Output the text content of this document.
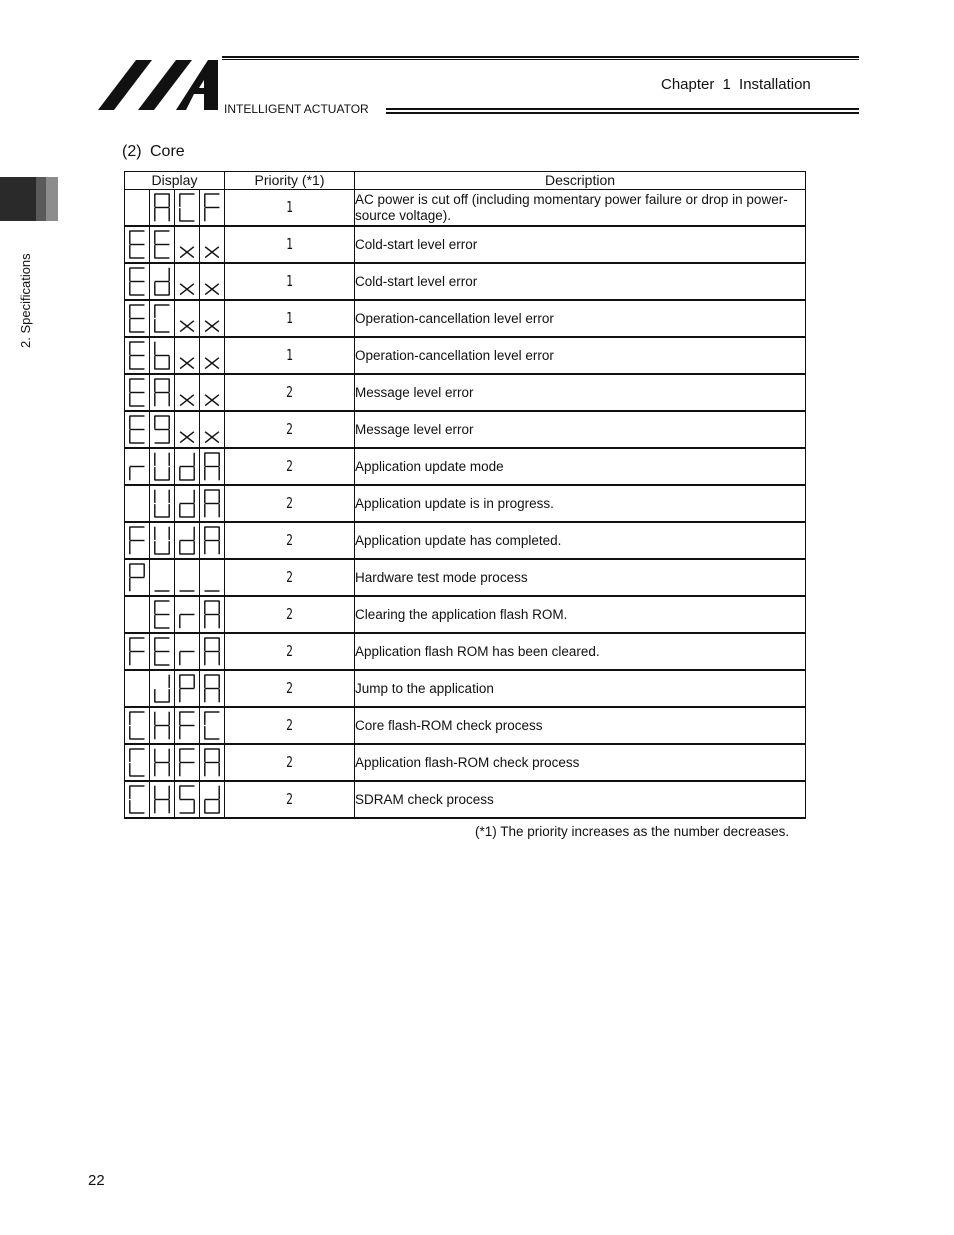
Chapter 1 Installation
INTELLIGENT ACTUATOR
2. Specifications
(2) Core
Display				Priority (*1)	Description

	1	AC power is cut off (including momentary power failure or drop in power-source voltage).

	1	Cold-start level error

	1	Cold-start level error

	1	Operation-cancellation level error

	1	Operation-cancellation level error

	2	Message level error

	2	Message level error

	2	Application update mode

	2	Application update is in progress.

	2	Application update has completed.

	2	Hardware test mode process

	2	Clearing the application flash ROM.

	2	Application flash ROM has been cleared.

	2	Jump to the application

	2	Core flash-ROM check process

	2	Application flash-ROM check process

	2	SDRAM check process
(*1) The priority increases as the number decreases.
22
